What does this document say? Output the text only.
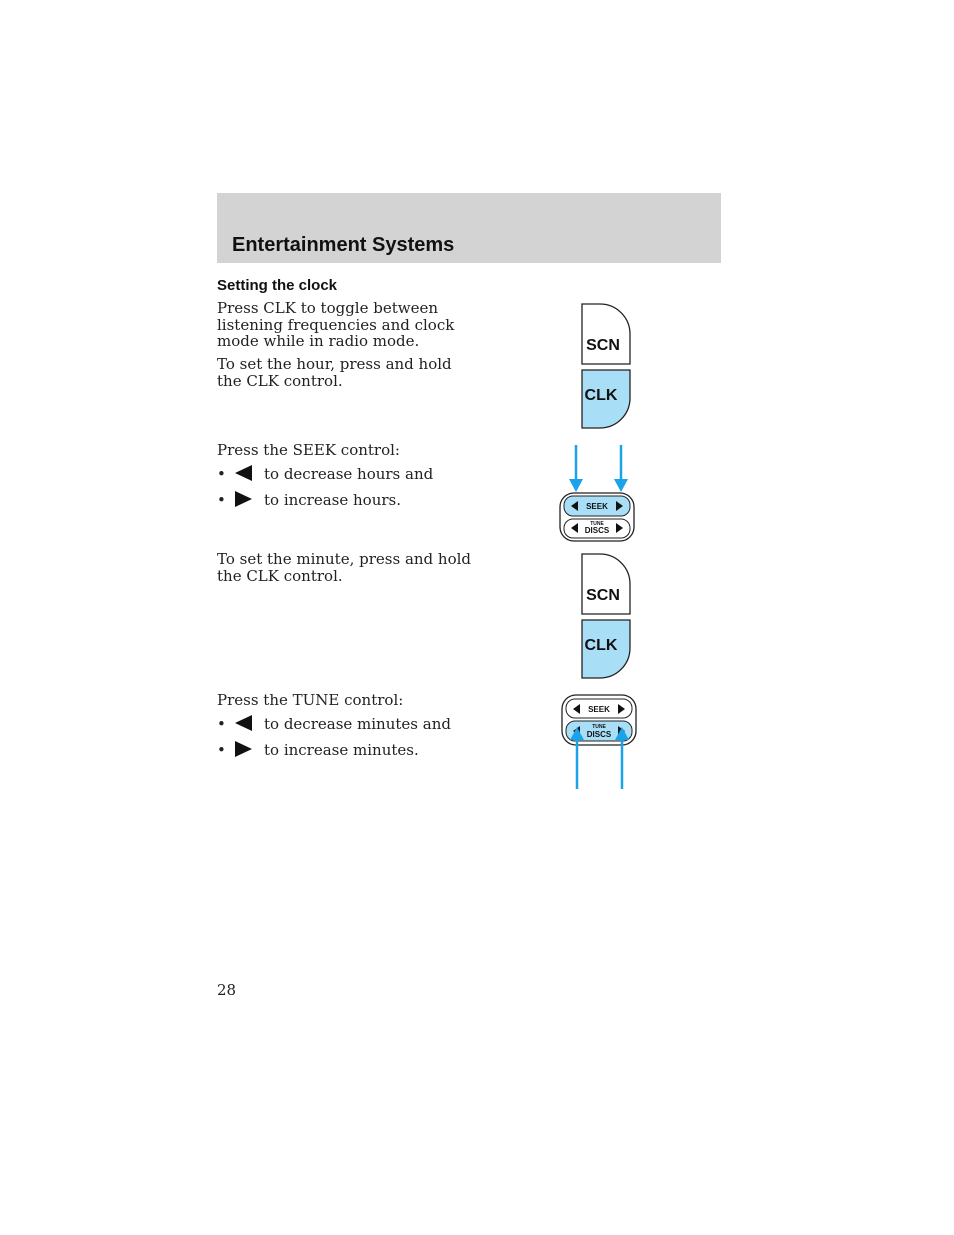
Entertainment Systems
Setting the clock

Press CLK to toggle between listening frequencies and clock mode while in radio mode.

To set the hour, press and hold the CLK control.

SCN
CLK

Press the SEEK control:

•	to decrease hours and
•	to increase hours.	SEEK
TUNE
DISCS

To set the minute, press and hold the CLK control.

SCN
CLK

Press the TUNE control:

•	to decrease minutes and
•	to increase minutes.
SEEK
TUNE
DISCS
28
